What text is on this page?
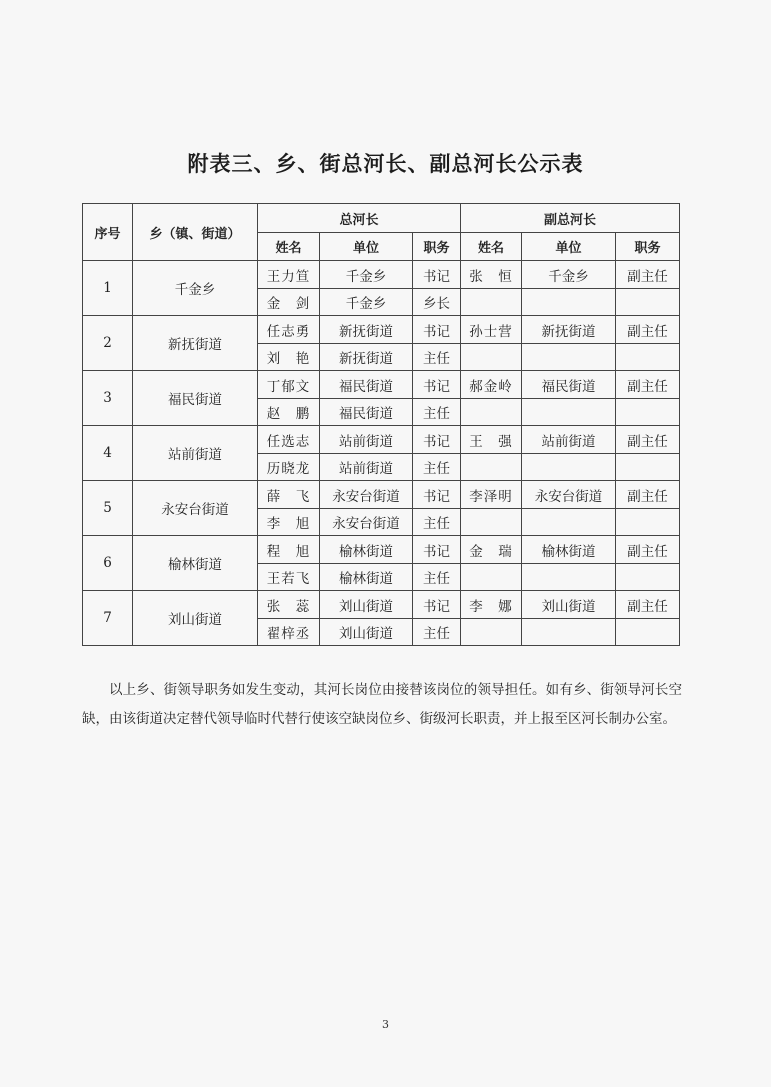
附表三、乡、街总河长、副总河长公示表
序号	乡（镇、街道）	总河长			副总河长		
		姓名	单位	职务	姓名	单位	职务
1	千金乡	王力笪	千金乡	书记	张　恒	千金乡	副主任
		金　剑	千金乡	乡长			
2	新抚街道	任志勇	新抚街道	书记	孙士营	新抚街道	副主任
		刘　艳	新抚街道	主任			
3	福民街道	丁郁文	福民街道	书记	郝金岭	福民街道	副主任
		赵　鹏	福民街道	主任			
4	站前街道	任选志	站前街道	书记	王　强	站前街道	副主任
		历晓龙	站前街道	主任			
5	永安台街道	薛　飞	永安台街道	书记	李泽明	永安台街道	副主任
		李　旭	永安台街道	主任			
6	榆林街道	程　旭	榆林街道	书记	金　瑞	榆林街道	副主任
		王若飞	榆林街道	主任			
7	刘山街道	张　蕊	刘山街道	书记	李　娜	刘山街道	副主任
		翟梓丞	刘山街道	主任			

以上乡、街领导职务如发生变动，其河长岗位由接替该岗位的领导担任。如有乡、街领导河长空缺，由该街道决定替代领导临时代替行使该空缺岗位乡、街级河长职责，并上报至区河长制办公室。

3
